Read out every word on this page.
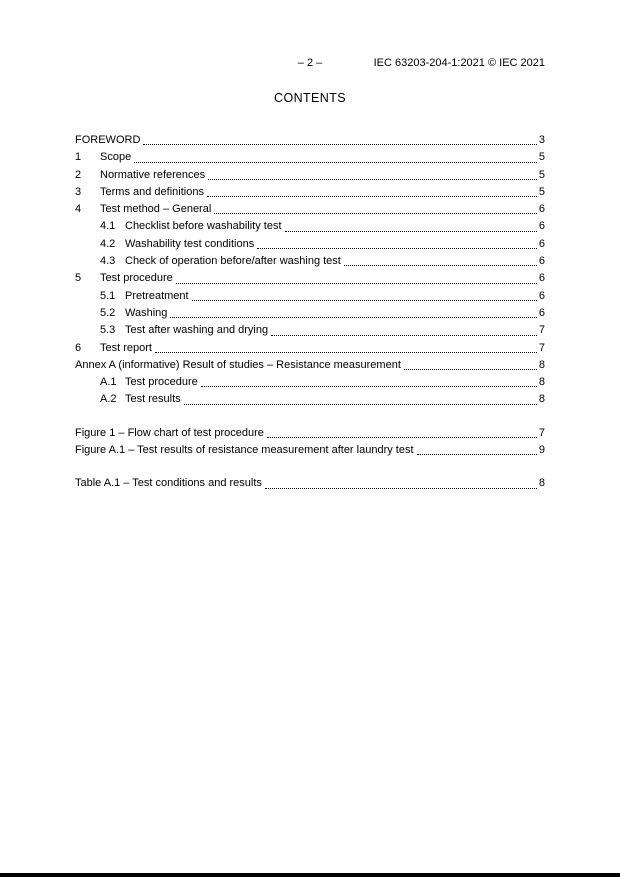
– 2 –	IEC 63203-204-1:2021 © IEC 2021
CONTENTS
FOREWORD	3
1	Scope	5
2	Normative references	5
3	Terms and definitions	5
4	Test method – General	6
4.1 Checklist before washability test	6
4.2 Washability test conditions	6
4.3 Check of operation before/after washing test	6
5	Test procedure	6
5.1 Pretreatment	6
5.2 Washing	6
5.3 Test after washing and drying	7
6	Test report	7
Annex A (informative) Result of studies – Resistance measurement	8
A.1 Test procedure	8
A.2 Test results	8
Figure 1 – Flow chart of test procedure	7
Figure A.1 – Test results of resistance measurement after laundry test	9
Table A.1 – Test conditions and results	8
